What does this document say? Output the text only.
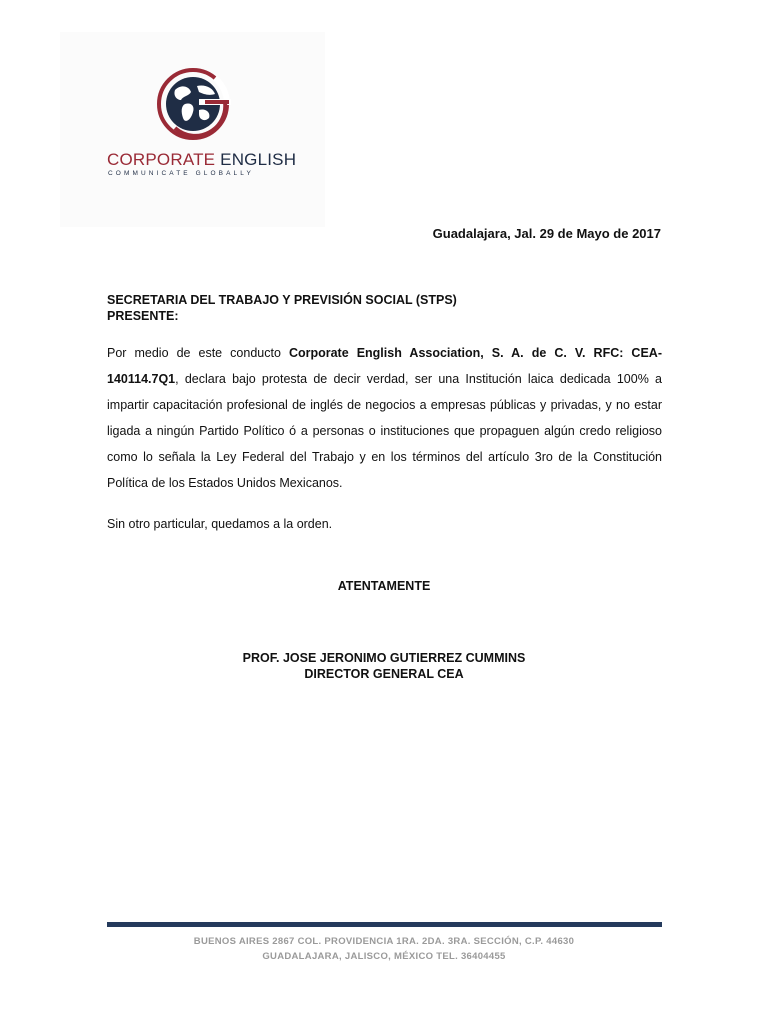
CORPORATE ENGLISH
COMMUNICATE GLOBALLY
Guadalajara, Jal. 29 de Mayo de 2017
SECRETARIA DEL TRABAJO Y PREVISIÓN SOCIAL (STPS)
PRESENTE:
Por medio de este conducto Corporate English Association, S. A. de C. V. RFC: CEA-140114.7Q1, declara bajo protesta de decir verdad, ser una Institución laica dedicada 100% a impartir capacitación profesional de inglés de negocios a empresas públicas y privadas, y no estar ligada a ningún Partido Político ó a personas o instituciones que propaguen algún credo religioso como lo señala la Ley Federal del Trabajo y en los términos del artículo 3ro de la Constitución Política de los Estados Unidos Mexicanos.
Sin otro particular, quedamos a la orden.
ATENTAMENTE
PROF. JOSE JERONIMO GUTIERREZ CUMMINS
DIRECTOR GENERAL CEA
BUENOS AIRES 2867 COL. PROVIDENCIA 1RA. 2DA. 3RA. SECCIÓN, C.P. 44630
GUADALAJARA, JALISCO, MÉXICO TEL. 36404455
